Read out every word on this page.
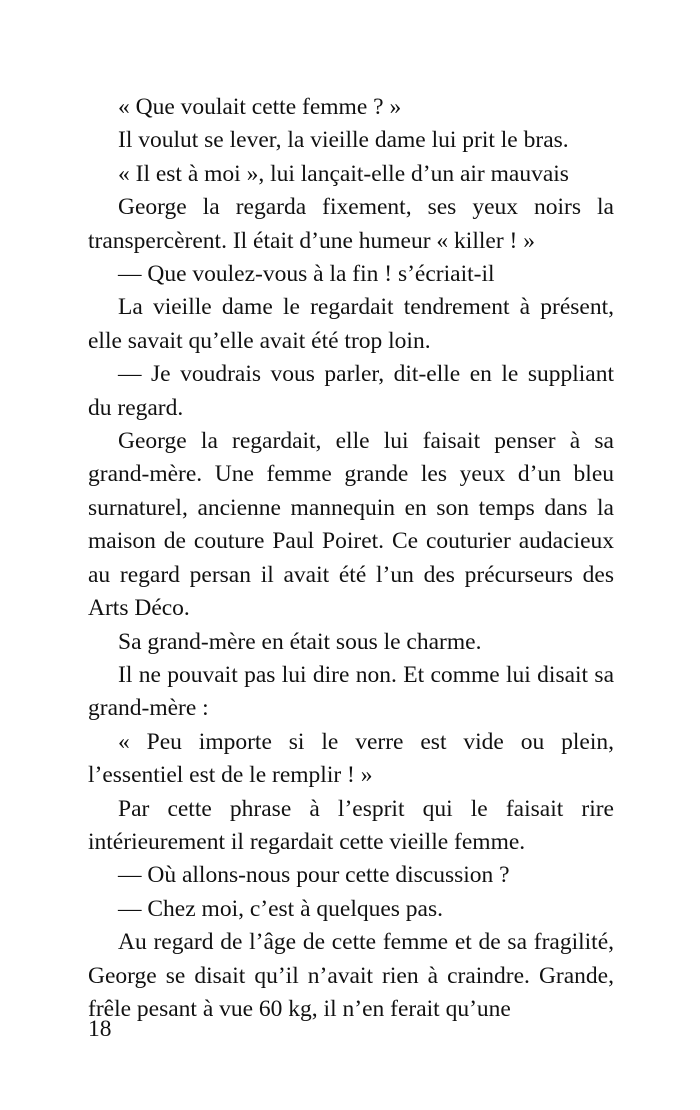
« Que voulait cette femme ? »

Il voulut se lever, la vieille dame lui prit le bras.

« Il est à moi », lui lançait-elle d’un air mauvais

George la regarda fixement, ses yeux noirs la transpercèrent. Il était d’une humeur « killer ! »

— Que voulez-vous à la fin ! s’écriait-il

La vieille dame le regardait tendrement à présent, elle savait qu’elle avait été trop loin.

— Je voudrais vous parler, dit-elle en le suppliant du regard.

George la regardait, elle lui faisait penser à sa grand-mère. Une femme grande les yeux d’un bleu surnaturel, ancienne mannequin en son temps dans la maison de couture Paul Poiret. Ce couturier audacieux au regard persan il avait été l’un des précurseurs des Arts Déco.

Sa grand-mère en était sous le charme.

Il ne pouvait pas lui dire non. Et comme lui disait sa grand-mère :

« Peu importe si le verre est vide ou plein, l’essentiel est de le remplir ! »

Par cette phrase à l’esprit qui le faisait rire intérieurement il regardait cette vieille femme.

— Où allons-nous pour cette discussion ?

— Chez moi, c’est à quelques pas.

Au regard de l’âge de cette femme et de sa fragilité, George se disait qu’il n’avait rien à craindre. Grande, frêle pesant à vue 60 kg, il n’en ferait qu’une

18
